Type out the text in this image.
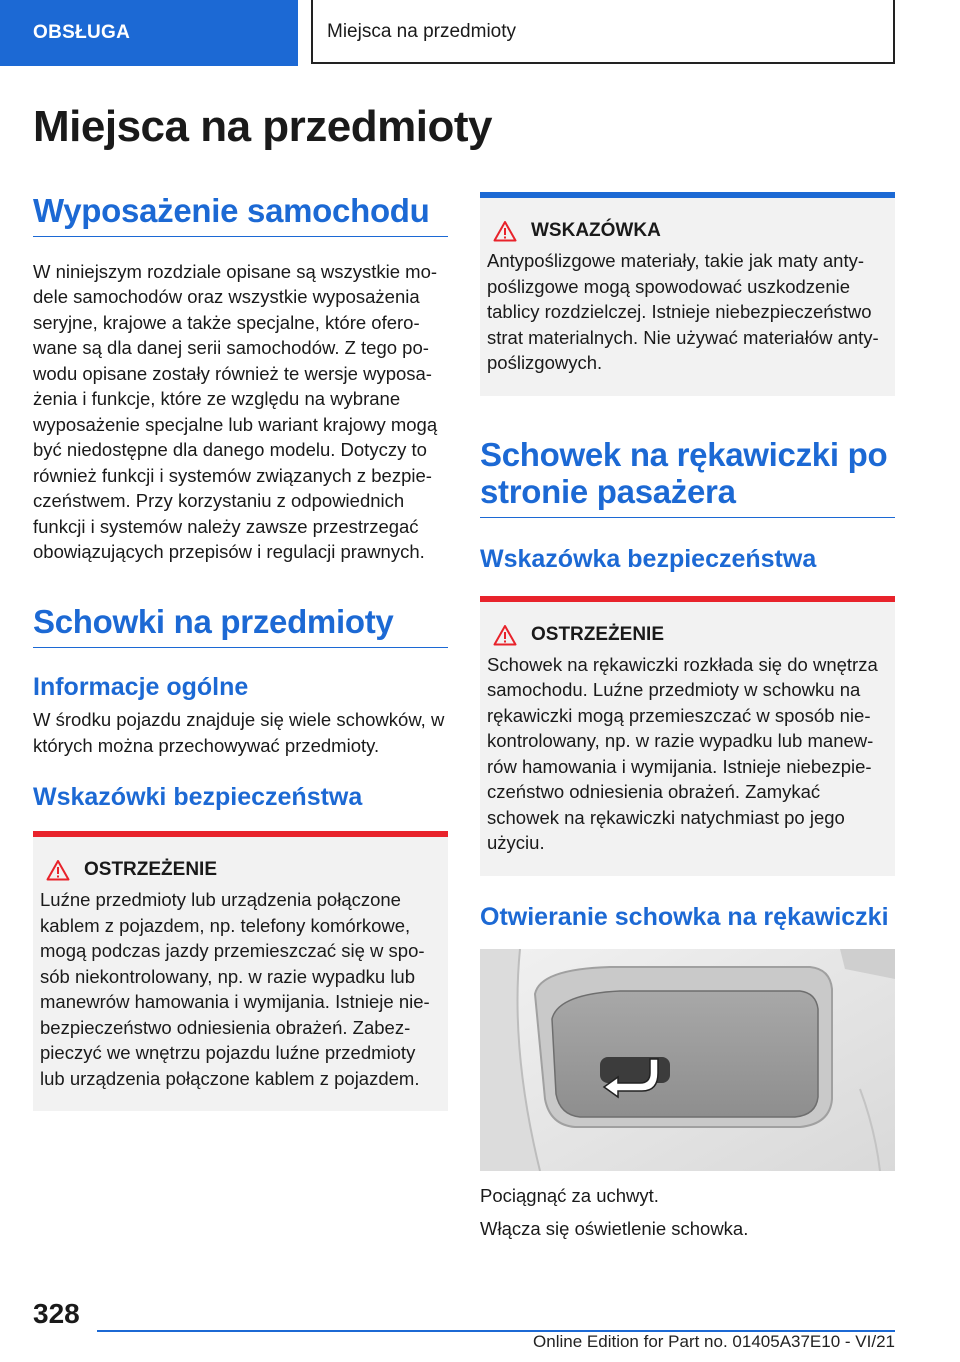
OBSŁUGA	Miejsca na przedmioty
Miejsca na przedmioty
Wyposażenie samochodu

W niniejszym rozdziale opisane są wszystkie mo-dele samochodów oraz wszystkie wyposażenia seryjne, krajowe a także specjalne, które ofero-wane są dla danej serii samochodów. Z tego po-wodu opisane zostały również te wersje wyposa-żenia i funkcje, które ze względu na wybrane wyposażenie specjalne lub wariant krajowy mogą być niedostępne dla danego modelu. Dotyczy to również funkcji i systemów związanych z bezpie-czeństwem. Przy korzystaniu z odpowiednich funkcji i systemów należy zawsze przestrzegać obowiązujących przepisów i regulacji prawnych.

Schowki na przedmioty
Informacje ogólne

W środku pojazdu znajduje się wiele schowków, w których można przechowywać przedmioty.

Wskazówki bezpieczeństwa
OSTRZEŻENIE

Luźne przedmioty lub urządzenia połączone kablem z pojazdem, np. telefony komórkowe, mogą podczas jazdy przemieszczać się w spo-sób niekontrolowany, np. w razie wypadku lub manewrów hamowania i wymijania. Istnieje nie-bezpieczeństwo odniesienia obrażeń. Zabez-pieczyć we wnętrzu pojazdu luźne przedmioty lub urządzenia połączone kablem z pojazdem.

WSKAZÓWKA

Antypoślizgowe materiały, takie jak maty anty-poślizgowe mogą spowodować uszkodzenie tablicy rozdzielczej. Istnieje niebezpieczeństwo strat materialnych. Nie używać materiałów anty-poślizgowych.

Schowek na rękawiczki po stronie pasażera
Wskazówka bezpieczeństwa
OSTRZEŻENIE

Schowek na rękawiczki rozkłada się do wnętrza samochodu. Luźne przedmioty w schowku na rękawiczki mogą przemieszczać w sposób nie-kontrolowany, np. w razie wypadku lub manew-rów hamowania i wymijania. Istnieje niebezpie-czeństwo odniesienia obrażeń. Zamykać schowek na rękawiczki natychmiast po jego użyciu.

Otwieranie schowka na rękawiczki

Pociągnąć za uchwyt.

Włącza się oświetlenie schowka.

328
Online Edition for Part no. 01405A37E10 - VI/21
